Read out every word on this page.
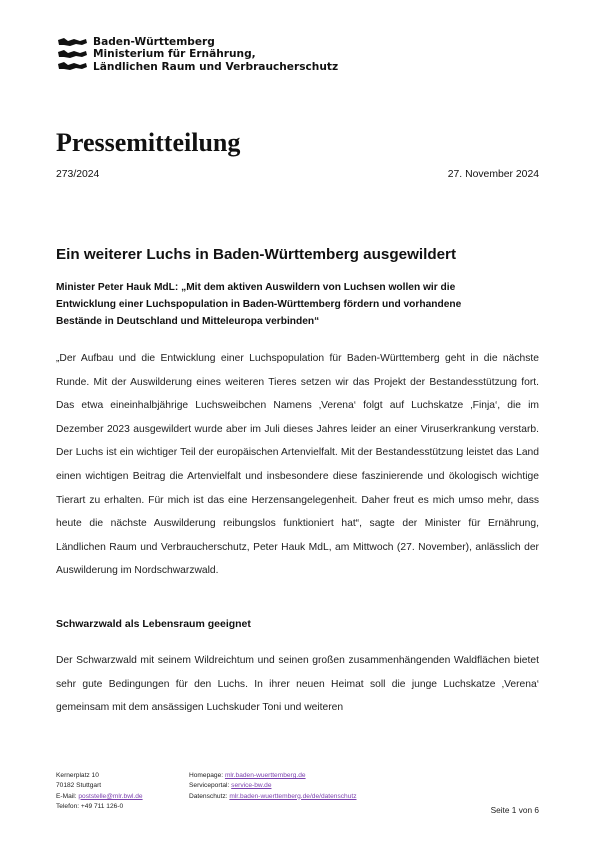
Baden-Württemberg
Ministerium für Ernährung,
Ländlichen Raum und Verbraucherschutz
Pressemitteilung
273/2024	27. November 2024
Ein weiterer Luchs in Baden-Württemberg ausgewildert

Minister Peter Hauk MdL: „Mit dem aktiven Auswildern von Luchsen wollen wir die Entwicklung einer Luchspopulation in Baden-Württemberg fördern und vorhandene Bestände in Deutschland und Mitteleuropa verbinden“

„Der Aufbau und die Entwicklung einer Luchspopulation für Baden-Württemberg geht in die nächste Runde. Mit der Auswilderung eines weiteren Tieres setzen wir das Projekt der Bestandesstützung fort. Das etwa eineinhalbjährige Luchsweibchen Namens ‚Verena‘ folgt auf Luchskatze ‚Finja‘, die im Dezember 2023 ausgewildert wurde aber im Juli dieses Jahres leider an einer Viruserkrankung verstarb. Der Luchs ist ein wichtiger Teil der europäischen Artenvielfalt. Mit der Bestandesstützung leistet das Land einen wichtigen Beitrag die Artenvielfalt und insbesondere diese faszinierende und ökologisch wichtige Tierart zu erhalten. Für mich ist das eine Herzensangelegenheit. Daher freut es mich umso mehr, dass heute die nächste Auswilderung reibungslos funktioniert hat“, sagte der Minister für Ernährung, Ländlichen Raum und Verbraucherschutz, Peter Hauk MdL, am Mittwoch (27. November), anlässlich der Auswilderung im Nordschwarzwald.

Schwarzwald als Lebensraum geeignet

Der Schwarzwald mit seinem Wildreichtum und seinen großen zusammenhängenden Waldflächen bietet sehr gute Bedingungen für den Luchs. In ihrer neuen Heimat soll die junge Luchskatze ‚Verena‘ gemeinsam mit dem ansässigen Luchskuder Toni und weiteren

Kernerplatz 10
70182 Stuttgart
E-Mail: poststelle@mlr.bwl.de
Telefon: +49 711 126-0
Homepage: mlr.baden-wuerttemberg.de
Serviceportal: service-bw.de
Datenschutz: mlr.baden-wuerttemberg.de/de/datenschutz
Seite 1 von 6
